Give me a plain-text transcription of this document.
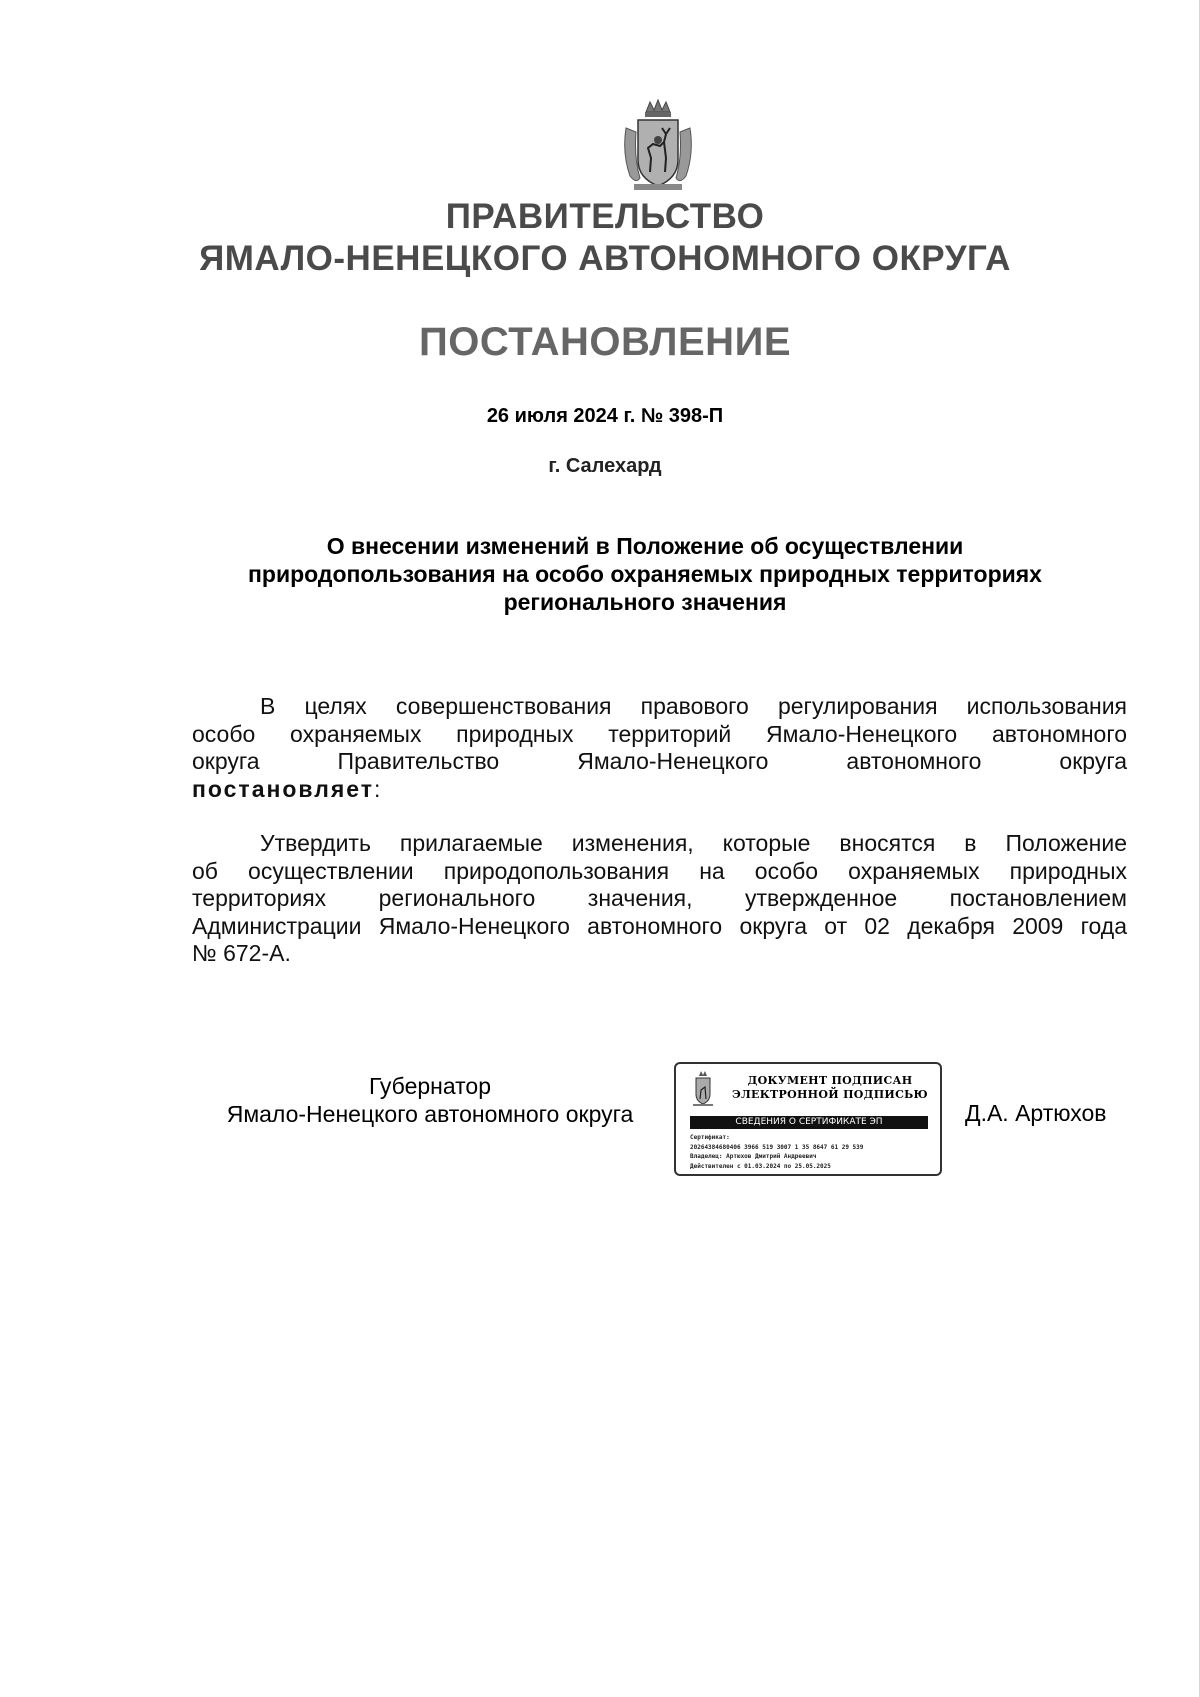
ПРАВИТЕЛЬСТВО
ЯМАЛО-НЕНЕЦКОГО АВТОНОМНОГО ОКРУГА
ПОСТАНОВЛЕНИЕ
26 июля 2024 г. № 398-П
г. Салехард
О внесении изменений в Положение об осуществлении
природопользования на особо охраняемых природных территориях
регионального значения
В целях совершенствования правового регулирования использования
особо охраняемых природных территорий Ямало-Ненецкого автономного
округа Правительство Ямало-Ненецкого автономного округа
постановляет:
Утвердить прилагаемые изменения, которые вносятся в Положение
об осуществлении природопользования на особо охраняемых природных
территориях регионального значения, утвержденное постановлением
Администрации Ямало-Ненецкого автономного округа от 02 декабря 2009 года
№ 672-А.
Губернатор
Ямало-Ненецкого автономного округа
ДОКУМЕНТ ПОДПИСАН
ЭЛЕКТРОННОЙ ПОДПИСЬЮ
СВЕДЕНИЯ О СЕРТИФИКАТЕ ЭП
Сертификат:
20264384680406 3966 519 3007 1 35 8647 61 29 539
Владелец: Артюхов Дмитрий Андреевич
Действителен с 01.03.2024 по 25.05.2025
Д.А. Артюхов
